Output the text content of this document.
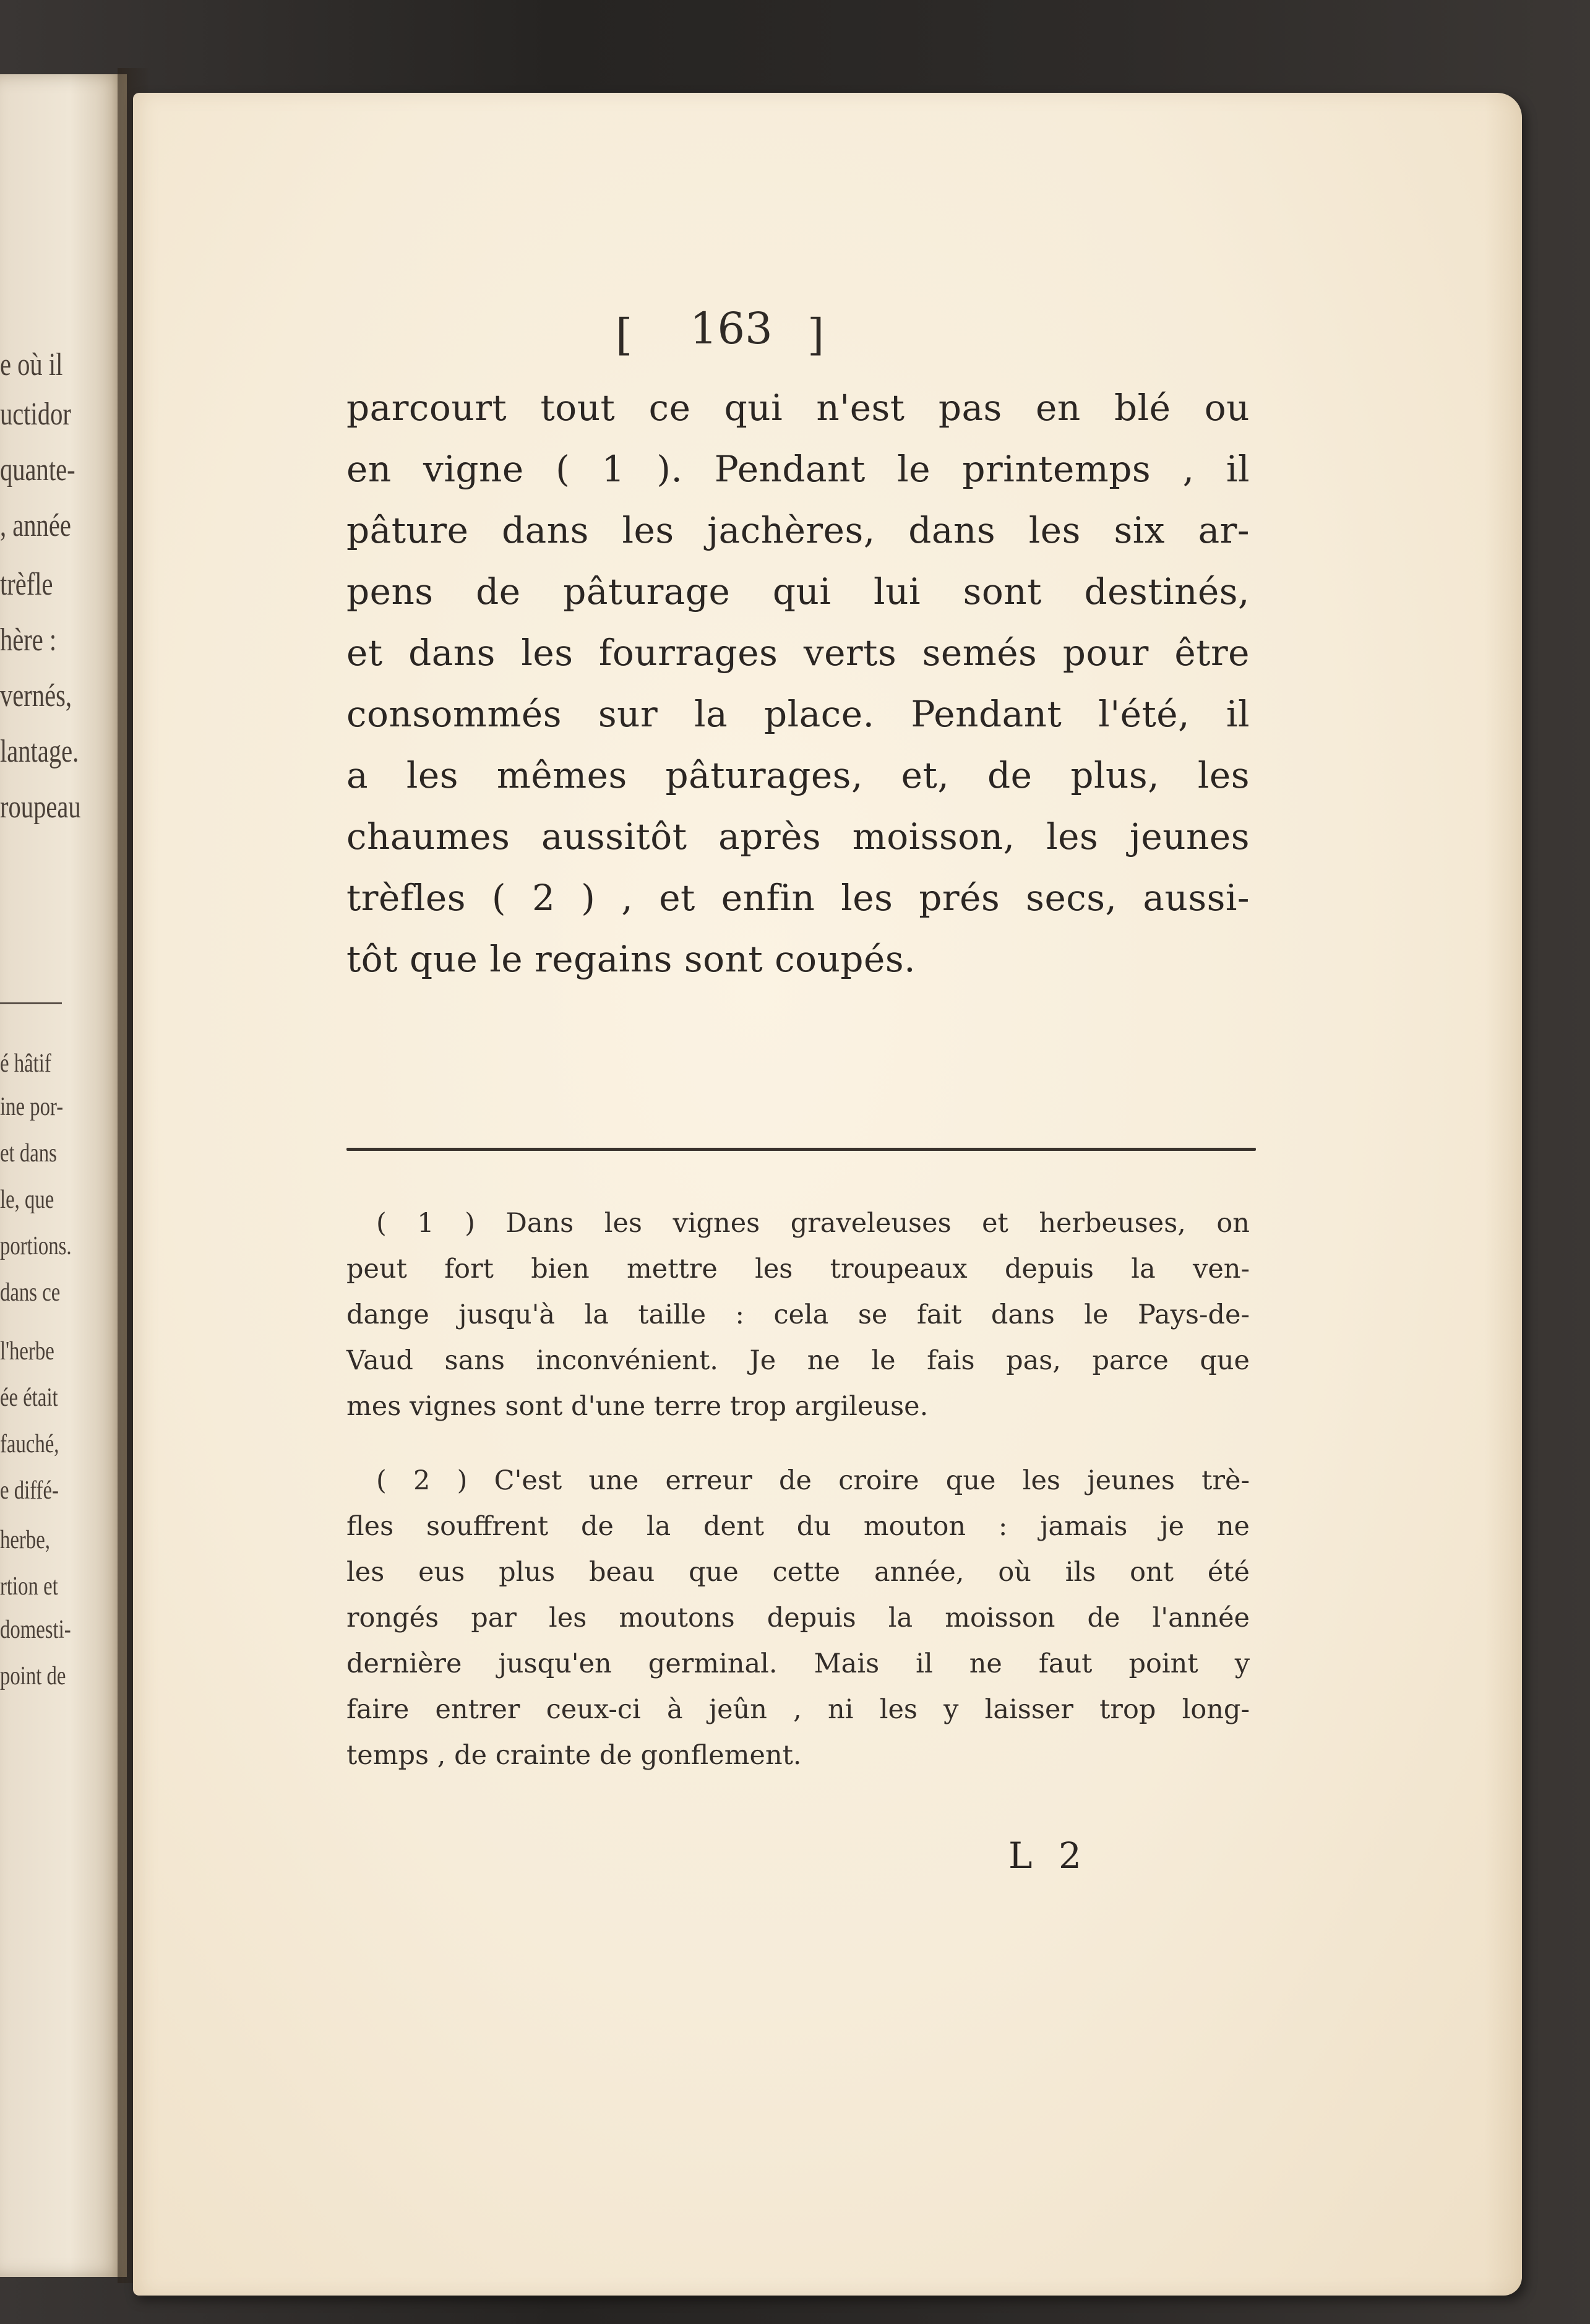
e où il
uctidor
quante-
, année
trèfle
hère :
vernés,
lantage.
roupeau
é hâtif
ine por-
et dans
le, que
portions.
dans ce
l'herbe
ée était
fauché,
e diffé-
herbe,
rtion et
domesti-
point de
[ 163 ]
parcourt tout ce qui n'est pas en blé ou
en vigne ( 1 ). Pendant le printemps , il
pâture dans les jachères, dans les six ar-
pens de pâturage qui lui sont destinés,
et dans les fourrages verts semés pour être
consommés sur la place. Pendant l'été, il
a les mêmes pâturages, et, de plus, les
chaumes aussitôt après moisson, les jeunes
trèfles ( 2 ) , et enfin les prés secs, aussi-
tôt que le regains sont coupés.
( 1 ) Dans les vignes graveleuses et herbeuses, on
peut fort bien mettre les troupeaux depuis la ven-
dange jusqu'à la taille : cela se fait dans le Pays-de-
Vaud sans inconvénient. Je ne le fais pas, parce que
mes vignes sont d'une terre trop argileuse.
( 2 ) C'est une erreur de croire que les jeunes trè-
fles souffrent de la dent du mouton : jamais je ne
les eus plus beau que cette année, où ils ont été
rongés par les moutons depuis la moisson de l'année
dernière jusqu'en germinal. Mais il ne faut point y
faire entrer ceux-ci à jeûn , ni les y laisser trop long-
temps , de crainte de gonflement.
L 2
